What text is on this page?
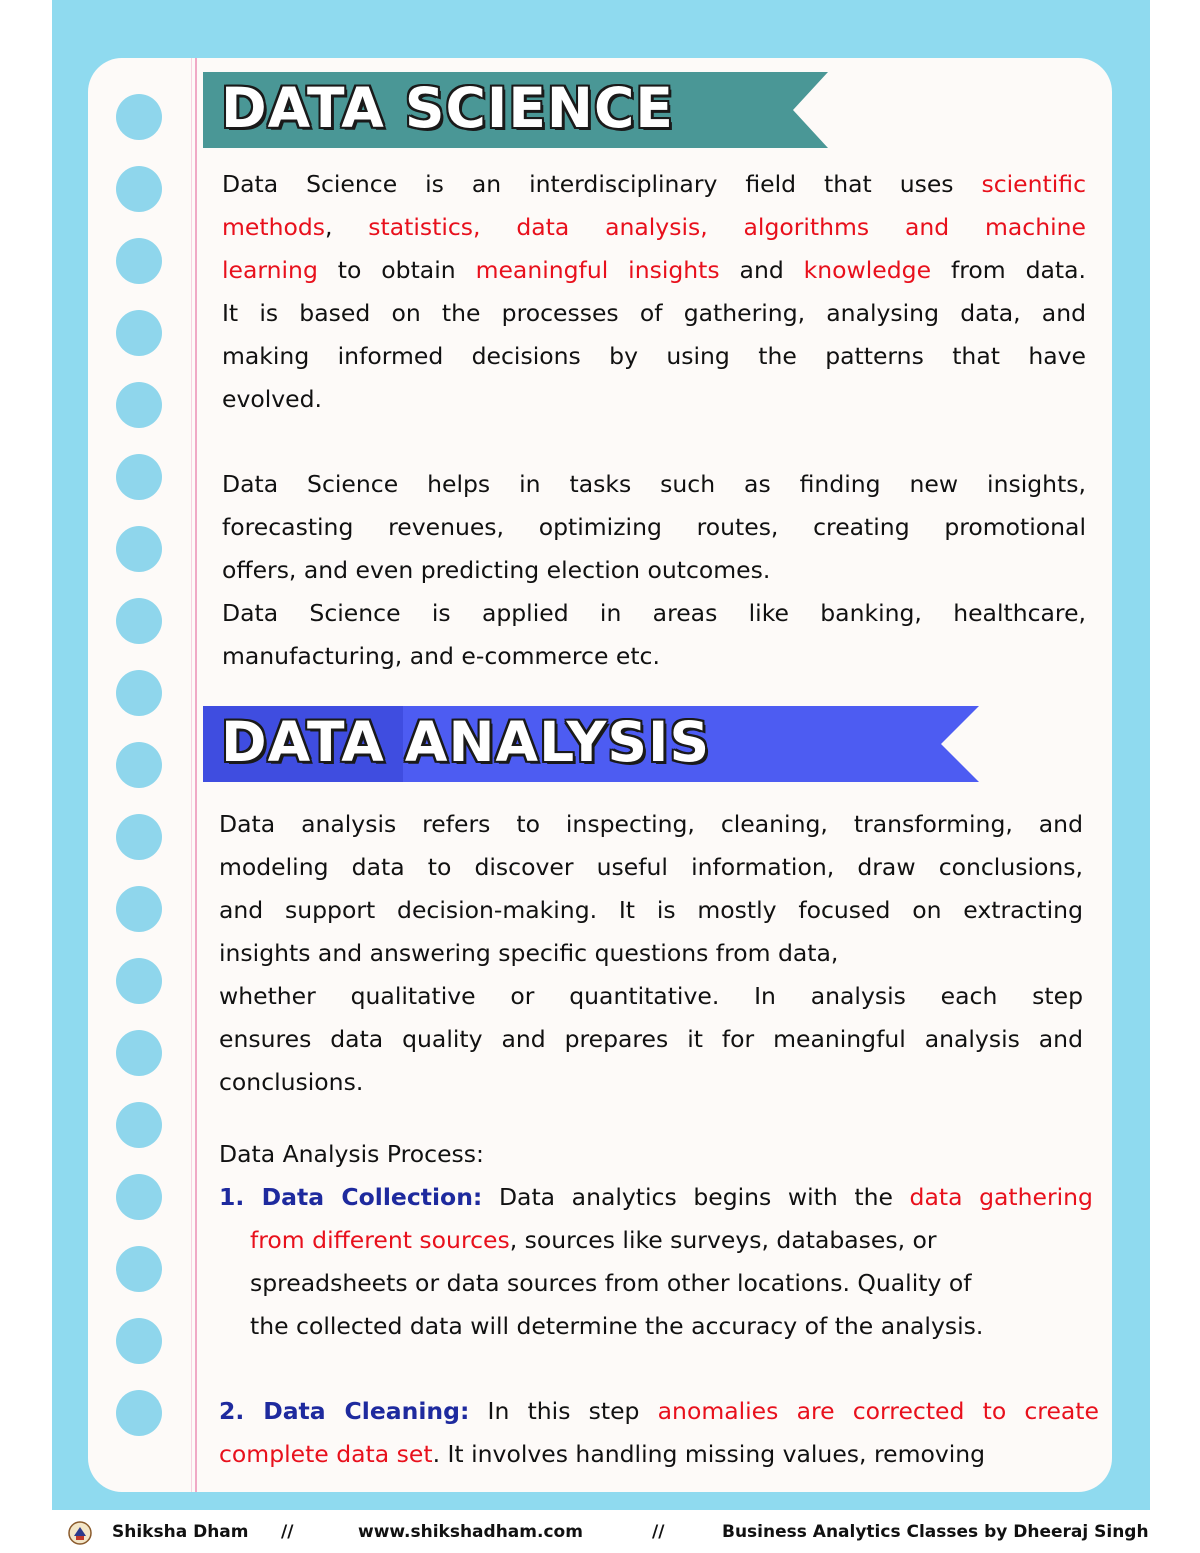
DATA SCIENCE
Data Science is an interdisciplinary field that uses scientific
methods, statistics, data analysis, algorithms and machine
learning to obtain meaningful insights and knowledge from data.
It is based on the processes of gathering, analysing data, and
making informed decisions by using the patterns that have
evolved.
Data Science helps in tasks such as finding new insights,
forecasting revenues, optimizing routes, creating promotional
offers, and even predicting election outcomes.
Data Science is applied in areas like banking, healthcare,
manufacturing, and e-commerce etc.
DATA ANALYSIS
Data analysis refers to inspecting, cleaning, transforming, and
modeling data to discover useful information, draw conclusions,
and support decision-making. It is mostly focused on extracting
insights and answering specific questions from data,
whether qualitative or quantitative. In analysis each step
ensures data quality and prepares it for meaningful analysis and
conclusions.
Data Analysis Process:
1. Data Collection: Data analytics begins with the data gathering
from different sources, sources like surveys, databases, or
spreadsheets or data sources from other locations. Quality of
the collected data will determine the accuracy of the analysis.
2. Data Cleaning: In this step anomalies are corrected to create
complete data set. It involves handling missing values, removing
Shiksha Dham //	www.shikshadham.com	//	Business Analytics Classes by Dheeraj Singh
